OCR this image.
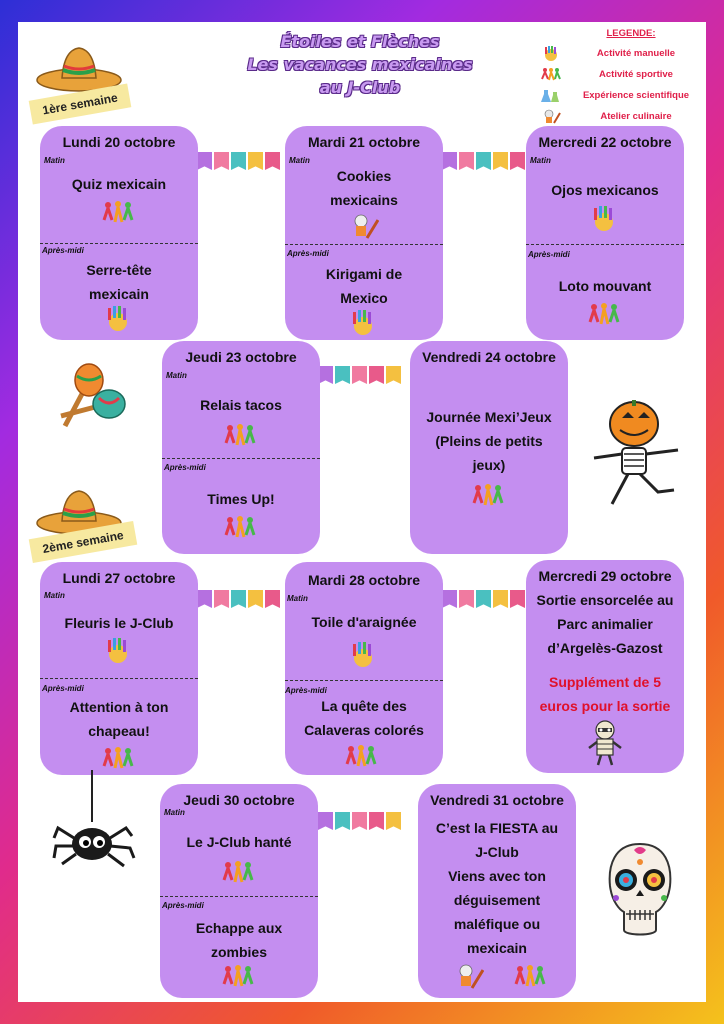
Étoiles et Flèches
Les vacances mexicaines
au J-Club
LEGENDE:
Activité manuelle
Activité sportive
Expérience scientifique
Atelier culinaire
1ère semaine
2ème semaine
Lundi 20 octobre
Matin
Quiz mexicain
Après-midi
Serre-tête
mexicain
Mardi 21 octobre
Matin
Cookies
mexicains
Après-midi
Kirigami de
Mexico
Mercredi 22 octobre
Matin
Ojos mexicanos
Après-midi
Loto mouvant
Jeudi 23 octobre
Matin
Relais tacos
Après-midi
Times Up!
Vendredi 24 octobre
Journée Mexi’Jeux
(Pleins de petits
jeux)
Lundi 27 octobre
Matin
Fleuris le J-Club
Après-midi
Attention à ton
chapeau!
Mardi 28 octobre
Matin
Toile d'araignée
Après-midi
La quête des
Calaveras colorés
Mercredi 29 octobre
Sortie ensorcelée au
Parc animalier
d’Argelès-Gazost
Supplément de 5
euros pour la sortie
Jeudi 30 octobre
Matin
Le J-Club hanté
Après-midi
Echappe aux
zombies
Vendredi 31 octobre
C’est la FIESTA au
J-Club
Viens avec ton
déguisement
maléfique ou
mexicain
